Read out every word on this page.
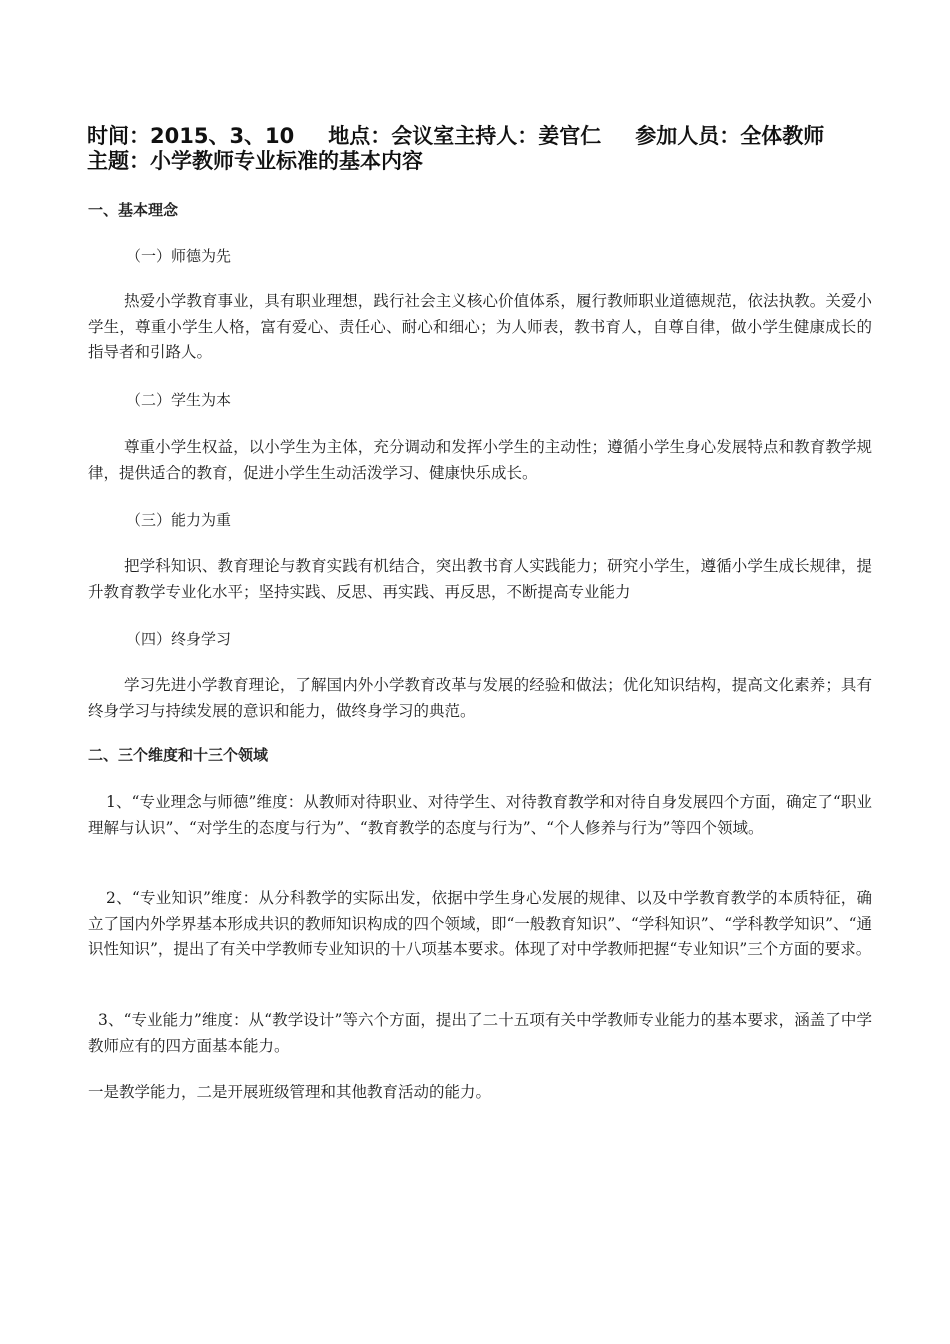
时间：2015、3、10 地点：会议室主持人：姜官仁 参加人员：全体教师
主题：小学教师专业标准的基本内容
一、基本理念
（一）师德为先
热爱小学教育事业，具有职业理想，践行社会主义核心价值体系，履行教师职业道德规范，依法执教。关爱小学生，尊重小学生人格，富有爱心、责任心、耐心和细心；为人师表，教书育人，自尊自律，做小学生健康成长的指导者和引路人。
（二）学生为本
尊重小学生权益，以小学生为主体，充分调动和发挥小学生的主动性；遵循小学生身心发展特点和教育教学规律，提供适合的教育，促进小学生生动活泼学习、健康快乐成长。
（三）能力为重
把学科知识、教育理论与教育实践有机结合，突出教书育人实践能力；研究小学生，遵循小学生成长规律，提升教育教学专业化水平；坚持实践、反思、再实践、再反思，不断提高专业能力
（四）终身学习
学习先进小学教育理论，了解国内外小学教育改革与发展的经验和做法；优化知识结构，提高文化素养；具有终身学习与持续发展的意识和能力，做终身学习的典范。
二、三个维度和十三个领域
1、“专业理念与师德”维度：从教师对待职业、对待学生、对待教育教学和对待自身发展四个方面，确定了“职业理解与认识”、“对学生的态度与行为”、“教育教学的态度与行为”、“个人修养与行为”等四个领域。
2、“专业知识”维度：从分科教学的实际出发，依据中学生身心发展的规律、以及中学教育教学的本质特征，确立了国内外学界基本形成共识的教师知识构成的四个领域，即“一般教育知识”、“学科知识”、“学科教学知识”、“通识性知识”，提出了有关中学教师专业知识的十八项基本要求。体现了对中学教师把握“专业知识”三个方面的要求。
3、“专业能力”维度：从“教学设计”等六个方面，提出了二十五项有关中学教师专业能力的基本要求，涵盖了中学教师应有的四方面基本能力。
一是教学能力，二是开展班级管理和其他教育活动的能力。
